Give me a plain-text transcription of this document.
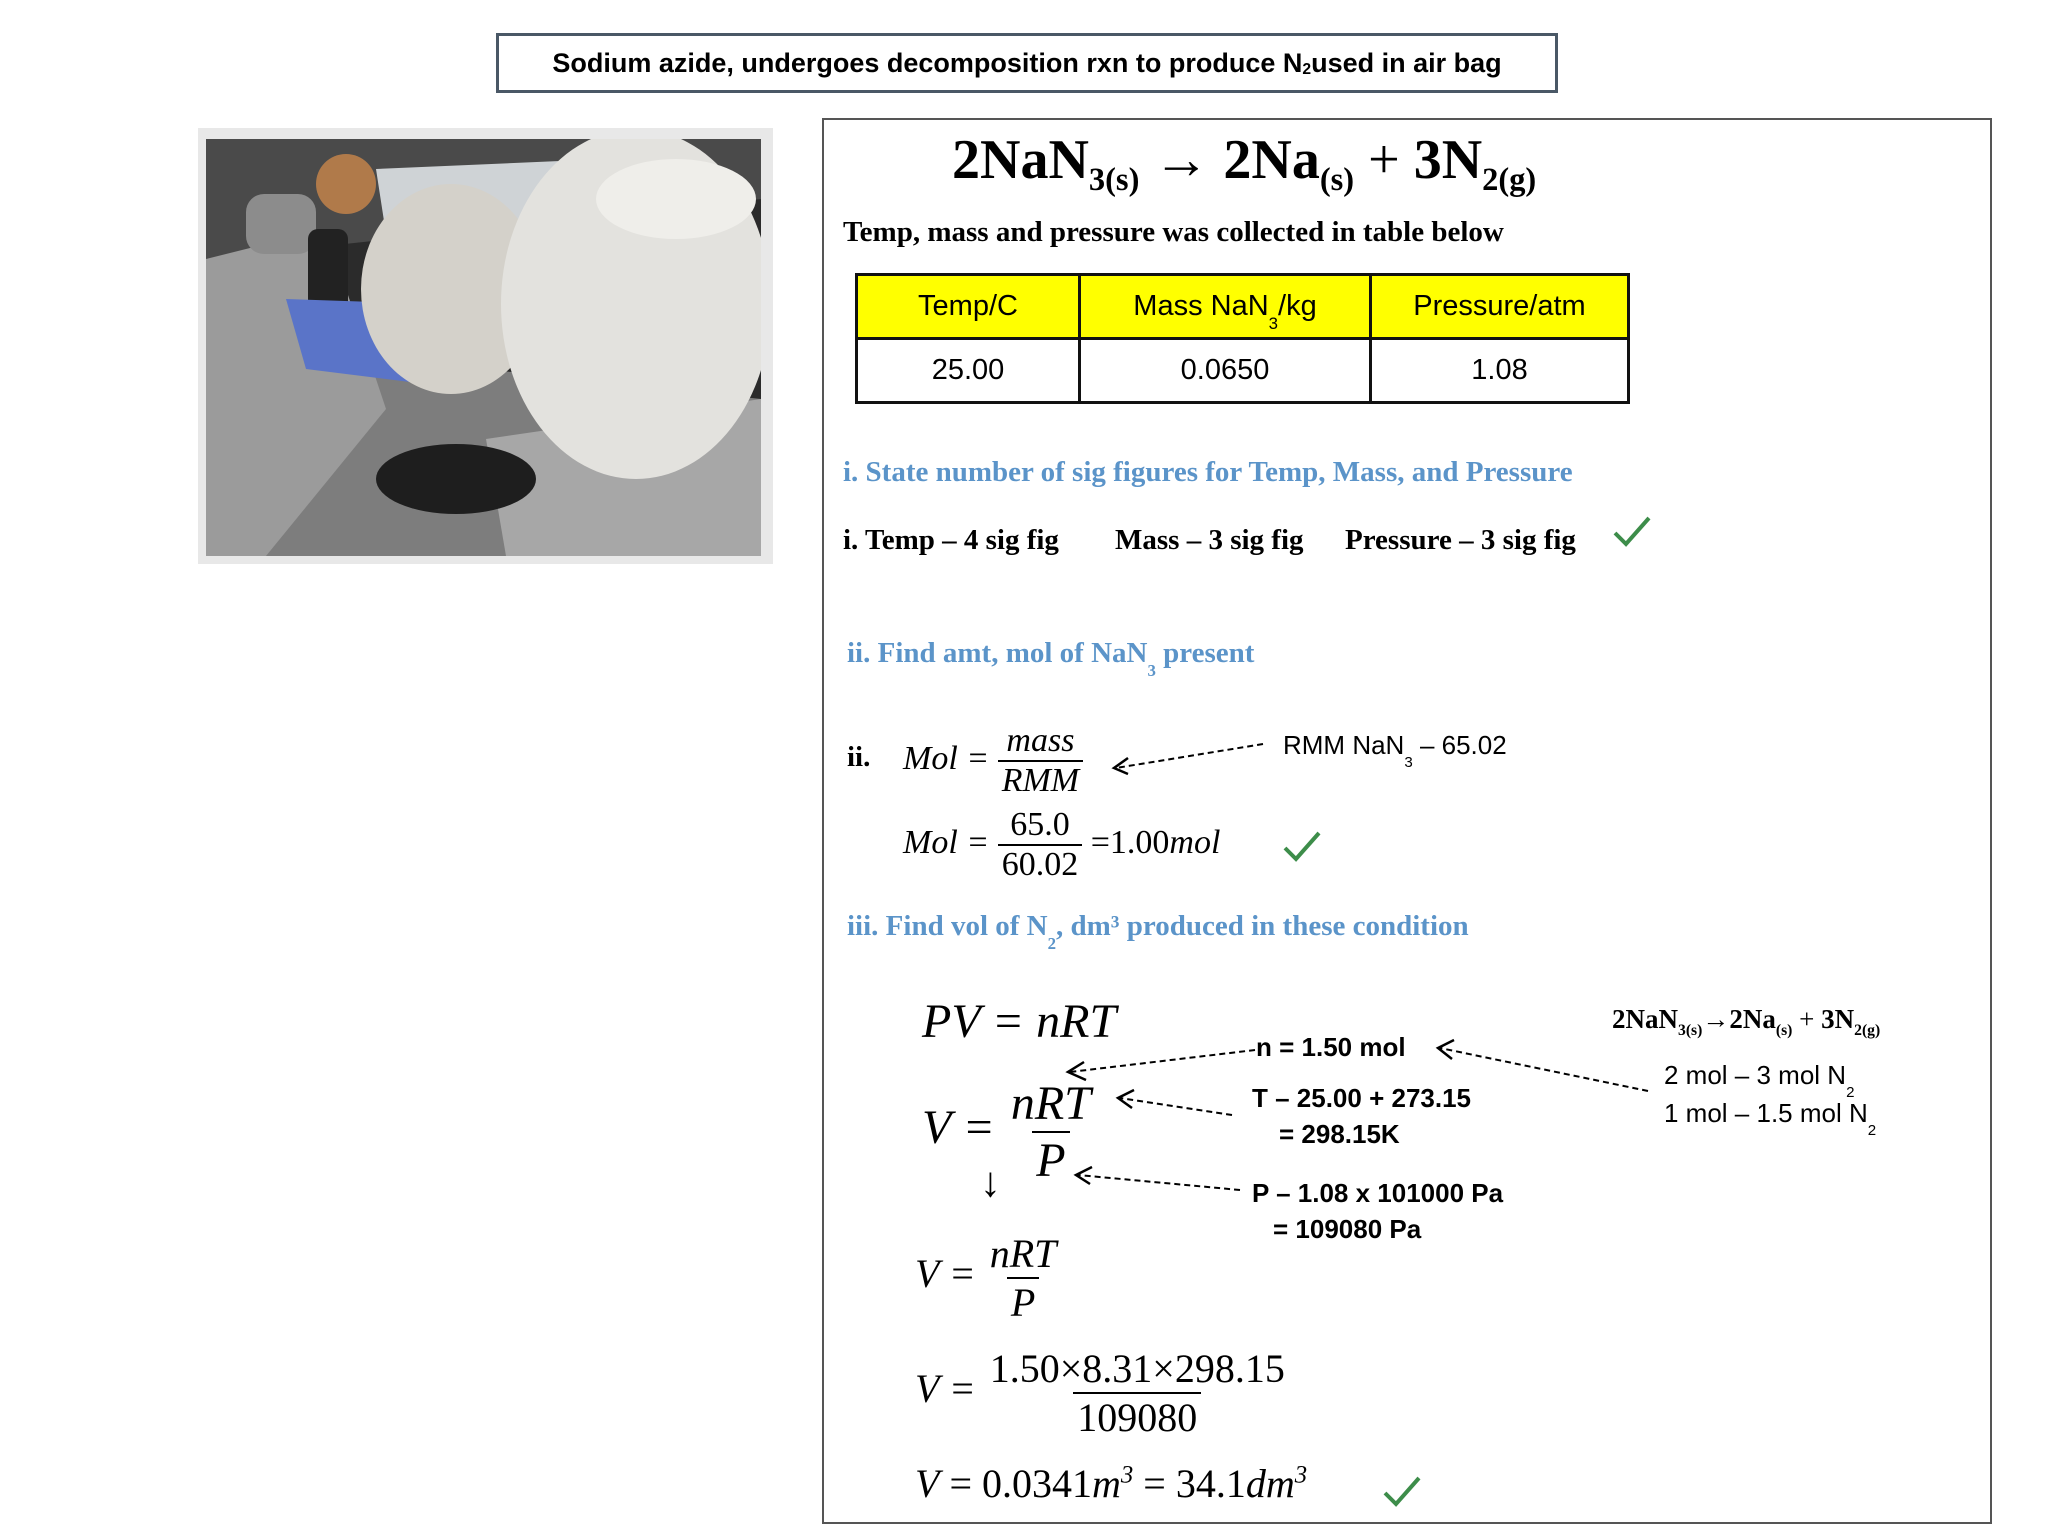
Sodium azide, undergoes decomposition rxn to produce $N_2$ used in air bag
$2NaN_{3(s)} \to 2Na_{(s)} + 3N_{2(g)}$
Temp, mass and pressure was collected in table below
Temp/C	Mass NaN$_3$/kg	Pressure/atm
25.00	0.0650	1.08
i. State number of sig figures for Temp, Mass, and Pressure
i. Temp – 4 sig fig Mass – 3 sig fig Pressure – 3 sig fig
ii. Find amt, mol of NaN$_3$ present
ii. Mol = $\frac{\text{mass}}{\text{RMM}}$	RMM NaN$_3$ – 65.02
Mol = $\frac{65.0}{60.02} =1.00mol$
iii. Find vol of $N_2$, dm³ produced in these condition
PV = nRT
$V = \frac{\text{nRT}}{P}$
↓
$V = \frac{\text{nRT}}{P}$
$V = \frac{1.50\times 8.31\times 298.15}{109080}$
$V = 0.0341m^3 = 34.1dm^3$
n = 1.50 mol
T – 25.00 + 273.15
= 298.15K
P – 1.08 x 101000 Pa
= 109080 Pa
$2NaN_{3(s)}\to 2Na_{(s)} + 3N_{2(g)}$
2 mol – 3 mol $N_2$
1 mol – 1.5 mol $N_2$
